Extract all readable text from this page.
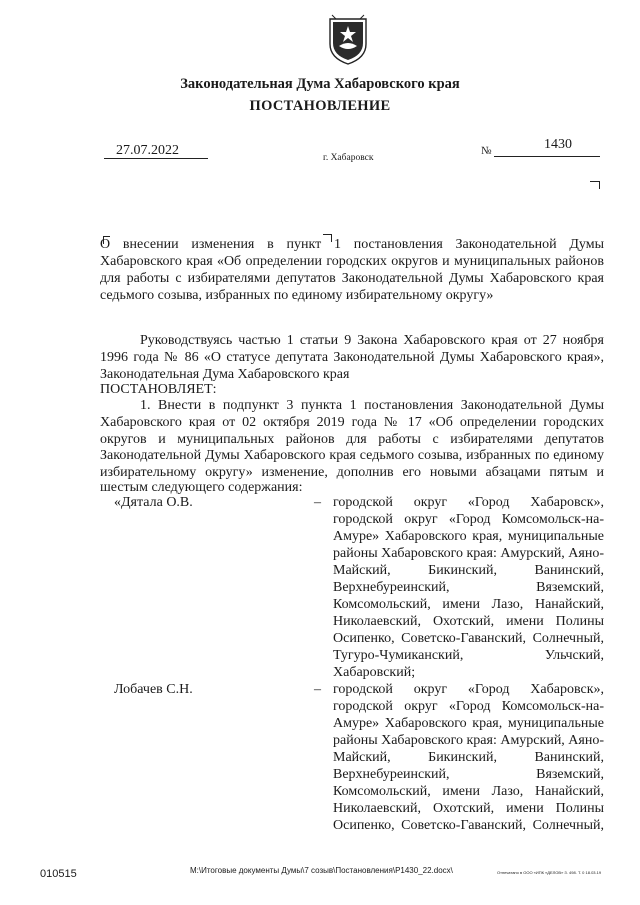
Законодательная Дума Хабаровского края
ПОСТАНОВЛЕНИЕ
27.07.2022	г. Хабаровск
№	1430
О внесении изменения в пункт 1 постановления Законодательной Думы
Хабаровского края «Об определении городских округов и муниципальных районов
для работы с избирателями депутатов Законодательной Думы Хабаровского края
седьмого созыва, избранных по единому избирательному округу»
Руководствуясь частью 1 статьи 9 Закона Хабаровского края от 27 ноября
1996 года № 86 «О статусе депутата Законодательной Думы Хабаровского края»,
Законодательная Дума Хабаровского края
ПОСТАНОВЛЯЕТ:
1. Внести в подпункт 3 пункта 1 постановления Законодательной Думы
Хабаровского края от 02 октября 2019 года № 17 «Об определении городских
округов и муниципальных районов для работы с избирателями депутатов
Законодательной Думы Хабаровского края седьмого созыва, избранных по единому
избирательному округу» изменение, дополнив его новыми абзацами пятым и
шестым следующего содержания:
«Дятала О.В.	– городской округ «Город Хабаровск»,
городской округ «Город Комсомольск-на-
Амуре» Хабаровского края, муниципальные
районы Хабаровского края: Амурский, Аяно-
Майский, Бикинский, Ванинский,
Верхнебуреинский, Вяземский,
Комсомольский, имени Лазо, Нанайский,
Николаевский, Охотский, имени Полины
Осипенко, Советско-Гаванский, Солнечный,
Тугуро-Чумиканский, Ульчский,
Хабаровский;
Лобачев С.Н.	– городской округ «Город Хабаровск»,
городской округ «Город Комсомольск-на-
Амуре» Хабаровского края, муниципальные
районы Хабаровского края: Амурский, Аяно-
Майский, Бикинский, Ванинский,
Верхнебуреинский, Вяземский,
Комсомольский, имени Лазо, Нанайский,
Николаевский, Охотский, имени Полины
Осипенко, Советско-Гаванский, Солнечный,
010515	M:\Итоговые документы Думы\7 созыв\Постановления\Р1430_22.docx\	Отпечатано в ООО «ИПК «ДЕЛОВ» З. 498. Т. 0 18.03.19
